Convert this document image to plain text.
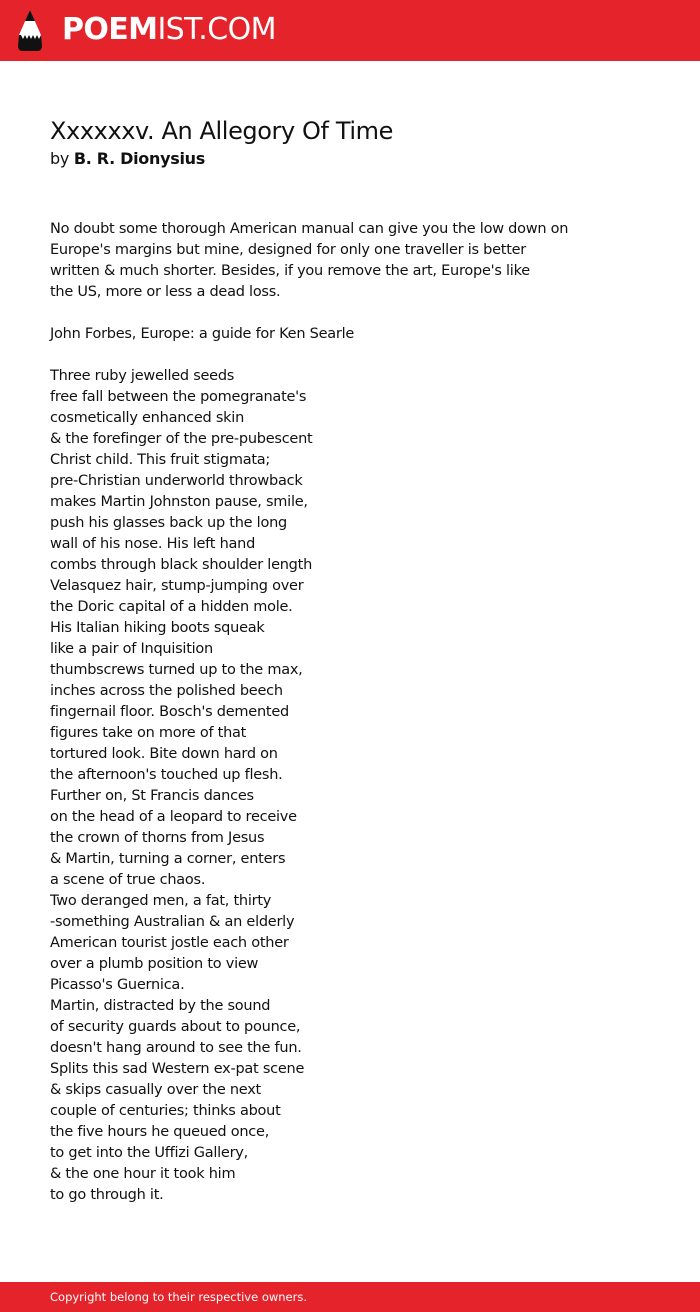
POEMIST.COM
Xxxxxxv. An Allegory Of Time
by B. R. Dionysius
No doubt some thorough American manual can give you the low down on
Europe's margins but mine, designed for only one traveller is better
written & much shorter. Besides, if you remove the art, Europe's like
the US, more or less a dead loss.
John Forbes, Europe: a guide for Ken Searle
Three ruby jewelled seeds
free fall between the pomegranate's
cosmetically enhanced skin
& the forefinger of the pre-pubescent
Christ child. This fruit stigmata;
pre-Christian underworld throwback
makes Martin Johnston pause, smile,
push his glasses back up the long
wall of his nose. His left hand
combs through black shoulder length
Velasquez hair, stump-jumping over
the Doric capital of a hidden mole.
His Italian hiking boots squeak
like a pair of Inquisition
thumbscrews turned up to the max,
inches across the polished beech
fingernail floor. Bosch's demented
figures take on more of that
tortured look. Bite down hard on
the afternoon's touched up flesh.
Further on, St Francis dances
on the head of a leopard to receive
the crown of thorns from Jesus
& Martin, turning a corner, enters
a scene of true chaos.
Two deranged men, a fat, thirty
-something Australian & an elderly
American tourist jostle each other
over a plumb position to view
Picasso's Guernica.
Martin, distracted by the sound
of security guards about to pounce,
doesn't hang around to see the fun.
Splits this sad Western ex-pat scene
& skips casually over the next
couple of centuries; thinks about
the five hours he queued once,
to get into the Uffizi Gallery,
& the one hour it took him
to go through it.
Copyright belong to their respective owners.
